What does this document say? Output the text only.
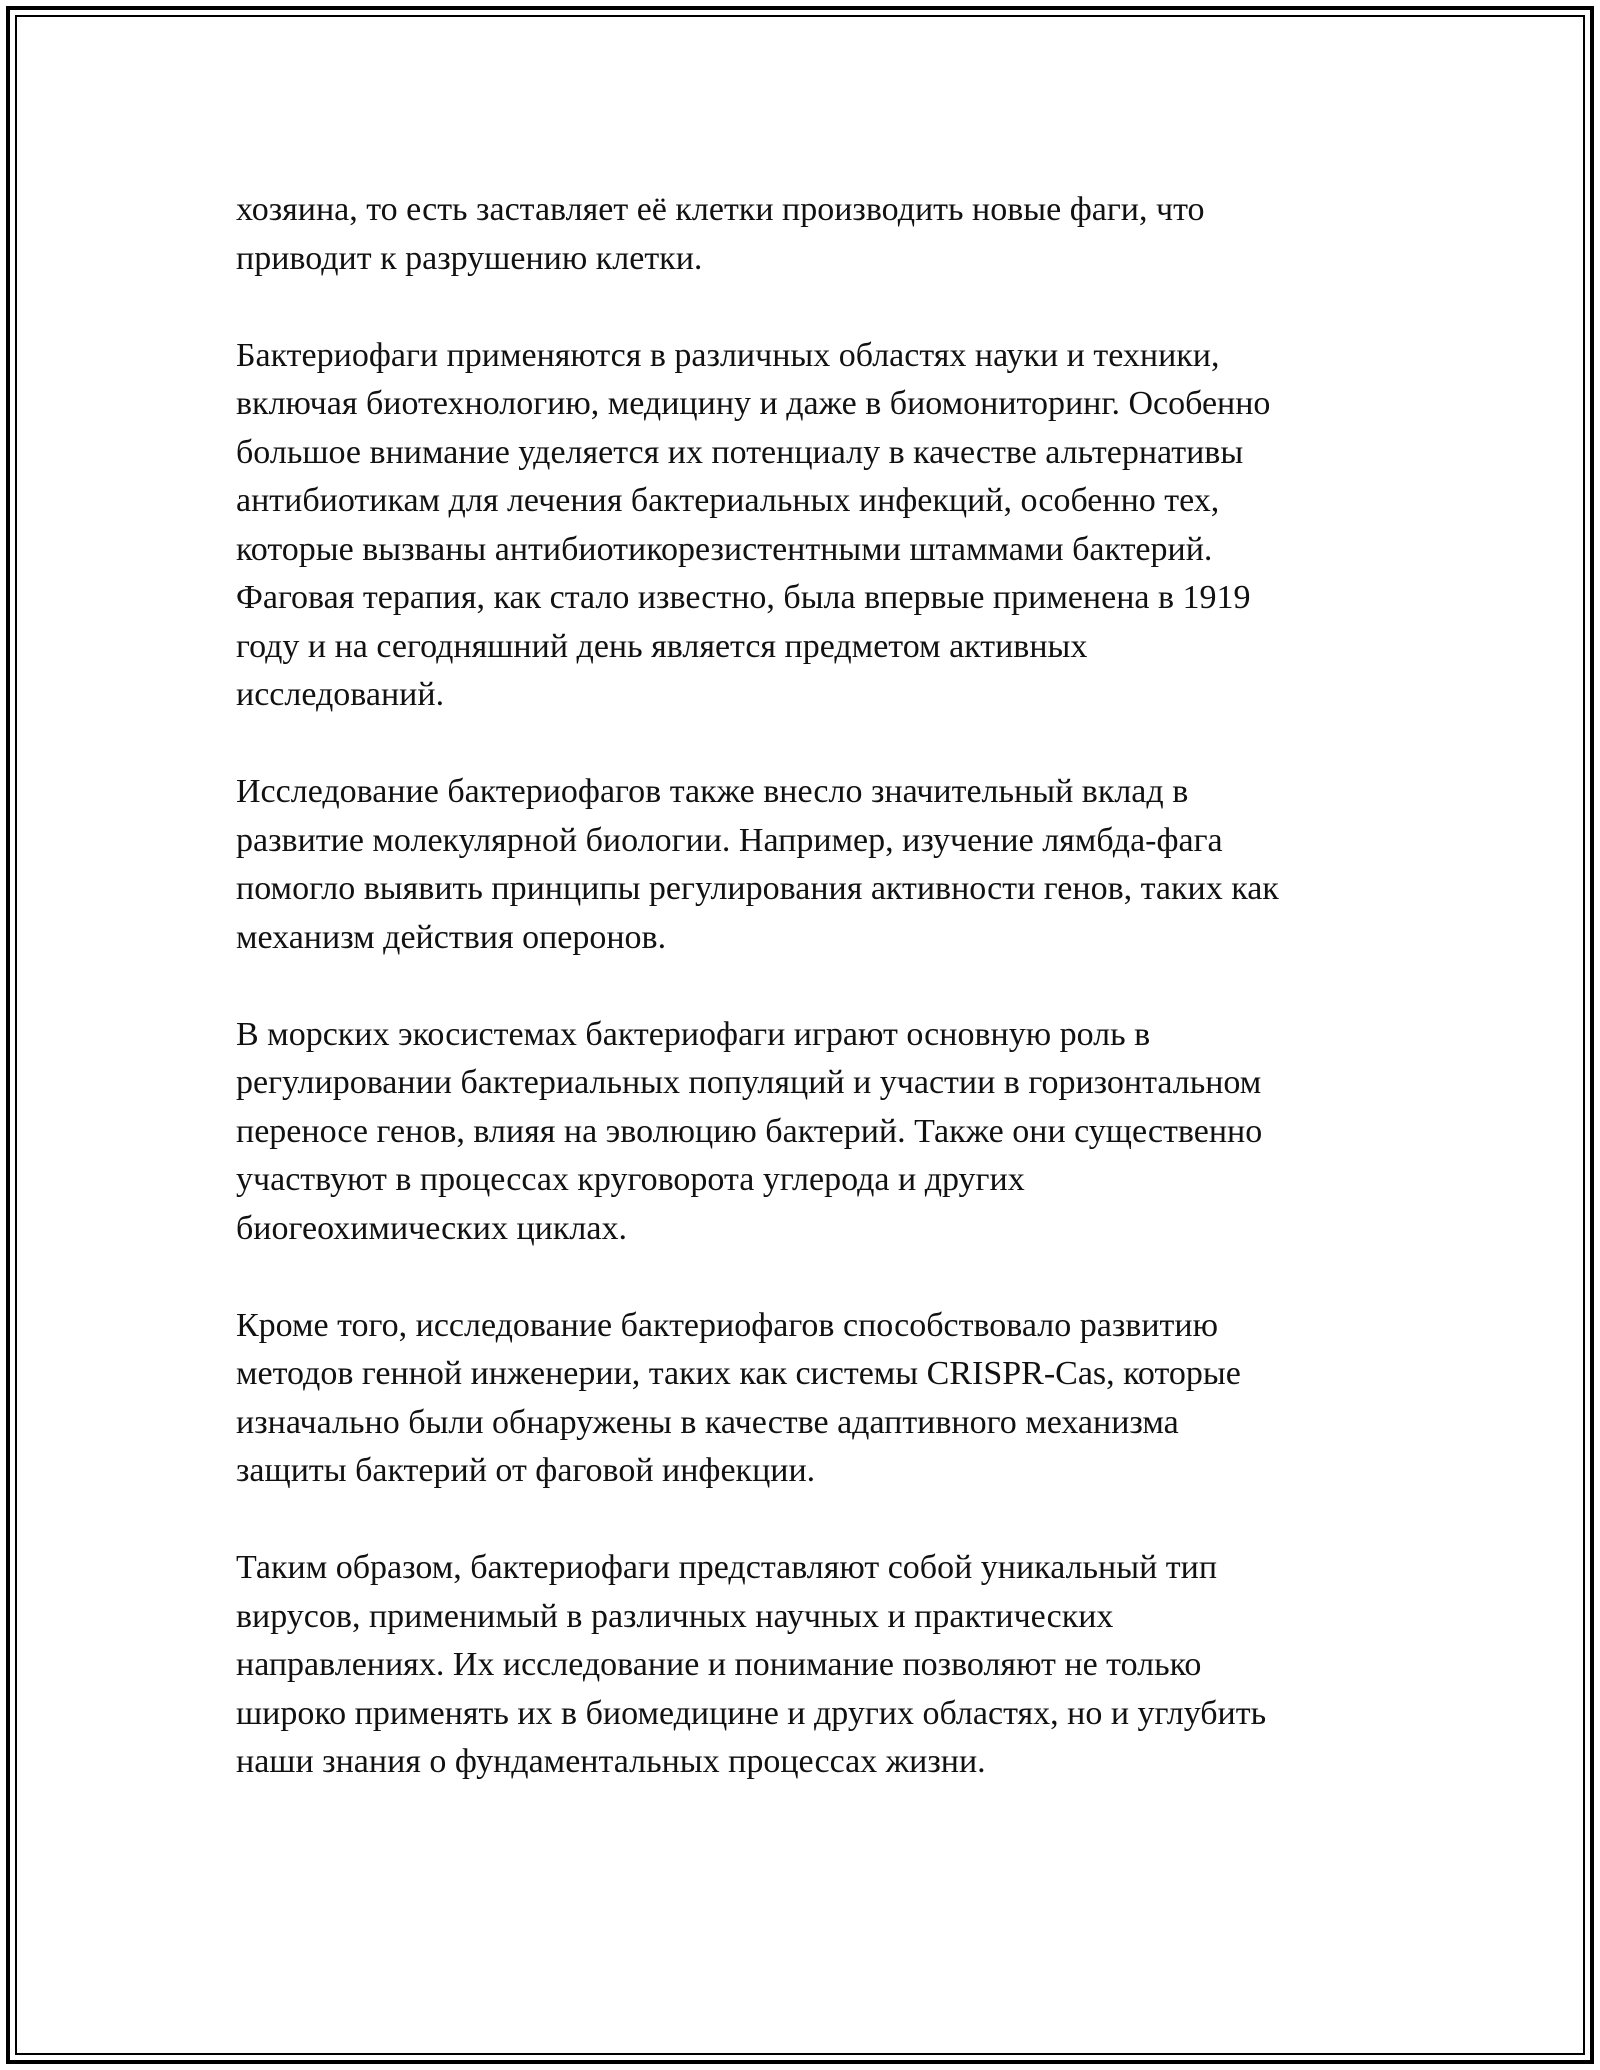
хозяина, то есть заставляет её клетки производить новые фаги, что
приводит к разрушению клетки.

Бактериофаги применяются в различных областях науки и техники,
включая биотехнологию, медицину и даже в биомониторинг. Особенно
большое внимание уделяется их потенциалу в качестве альтернативы
антибиотикам для лечения бактериальных инфекций, особенно тех,
которые вызваны антибиотикорезистентными штаммами бактерий.
Фаговая терапия, как стало известно, была впервые применена в 1919
году и на сегодняшний день является предметом активных
исследований.

Исследование бактериофагов также внесло значительный вклад в
развитие молекулярной биологии. Например, изучение лямбда-фага
помогло выявить принципы регулирования активности генов, таких как
механизм действия оперонов.

В морских экосистемах бактериофаги играют основную роль в
регулировании бактериальных популяций и участии в горизонтальном
переносе генов, влияя на эволюцию бактерий. Также они существенно
участвуют в процессах круговорота углерода и других
биогеохимических циклах.

Кроме того, исследование бактериофагов способствовало развитию
методов генной инженерии, таких как системы CRISPR-Cas, которые
изначально были обнаружены в качестве адаптивного механизма
защиты бактерий от фаговой инфекции.

Таким образом, бактериофаги представляют собой уникальный тип
вирусов, применимый в различных научных и практических
направлениях. Их исследование и понимание позволяют не только
широко применять их в биомедицине и других областях, но и углубить
наши знания о фундаментальных процессах жизни.
